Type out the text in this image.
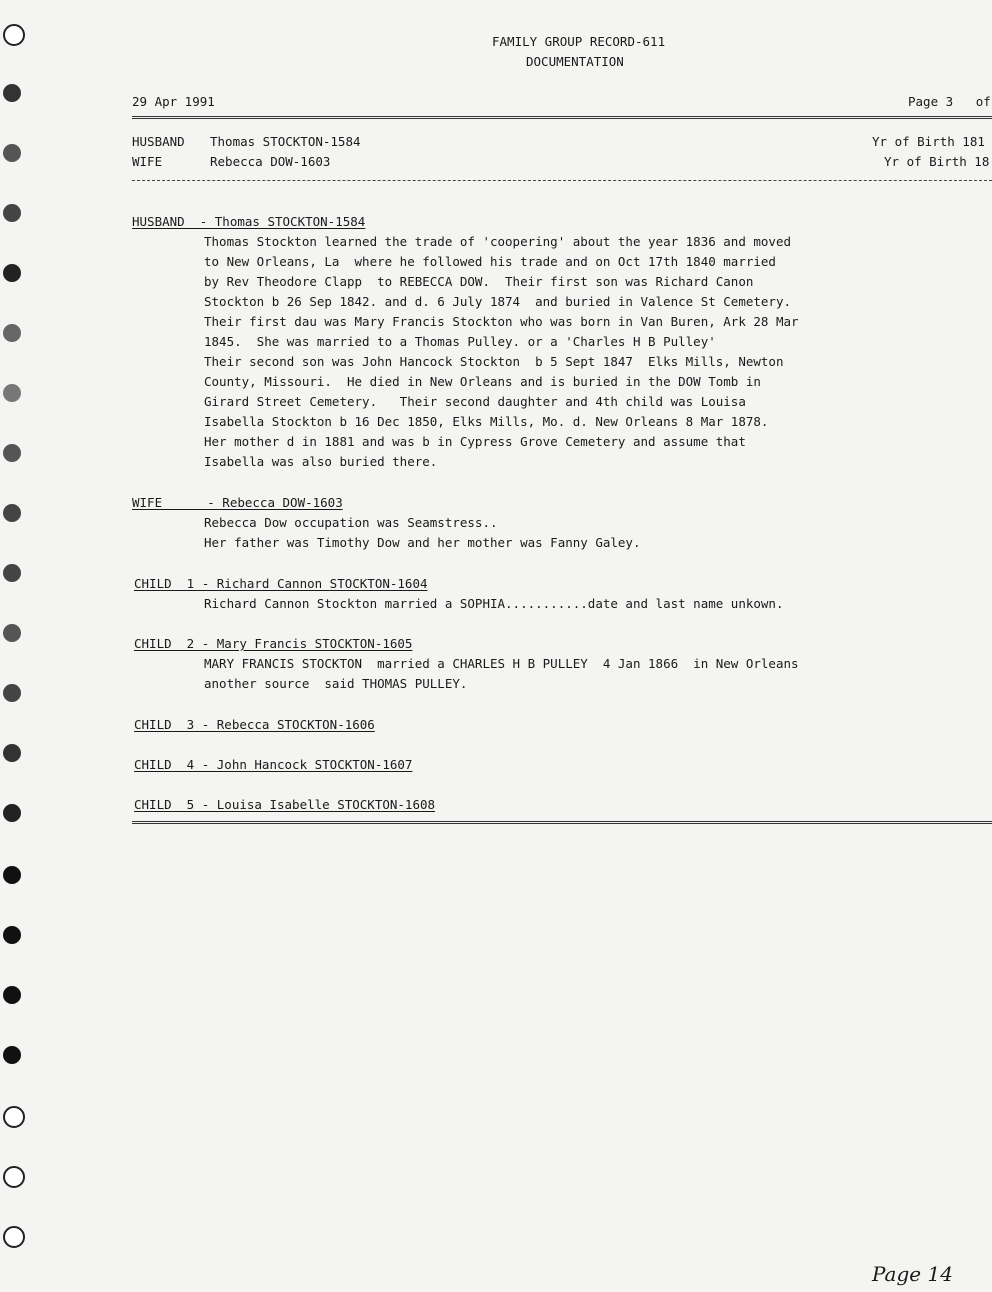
FAMILY GROUP RECORD-611
DOCUMENTATION
29 Apr 1991	Page 3   of
HUSBAND Thomas STOCKTON-1584	Yr of Birth 181
WIFE	Rebecca DOW-1603	Yr of Birth 18
HUSBAND  - Thomas STOCKTON-1584
Thomas Stockton learned the trade of 'coopering' about the year 1836 and moved
to New Orleans, La  where he followed his trade and on Oct 17th 1840 married
by Rev Theodore Clapp  to REBECCA DOW.  Their first son was Richard Canon
Stockton b 26 Sep 1842. and d. 6 July 1874  and buried in Valence St Cemetery.
Their first dau was Mary Francis Stockton who was born in Van Buren, Ark 28 Mar
1845.  She was married to a Thomas Pulley. or a 'Charles H B Pulley'
Their second son was John Hancock Stockton  b 5 Sept 1847  Elks Mills, Newton
County, Missouri.  He died in New Orleans and is buried in the DOW Tomb in
Girard Street Cemetery.   Their second daughter and 4th child was Louisa
Isabella Stockton b 16 Dec 1850, Elks Mills, Mo. d. New Orleans 8 Mar 1878.
Her mother d in 1881 and was b in Cypress Grove Cemetery and assume that
Isabella was also buried there.
WIFE      - Rebecca DOW-1603
Rebecca Dow occupation was Seamstress..
Her father was Timothy Dow and her mother was Fanny Galey.
CHILD  1 - Richard Cannon STOCKTON-1604
Richard Cannon Stockton married a SOPHIA...........date and last name unkown.
CHILD  2 - Mary Francis STOCKTON-1605
MARY FRANCIS STOCKTON  married a CHARLES H B PULLEY  4 Jan 1866  in New Orleans
another source  said THOMAS PULLEY.
CHILD  3 - Rebecca STOCKTON-1606
CHILD  4 - John Hancock STOCKTON-1607
CHILD  5 - Louisa Isabelle STOCKTON-1608
Page 14
